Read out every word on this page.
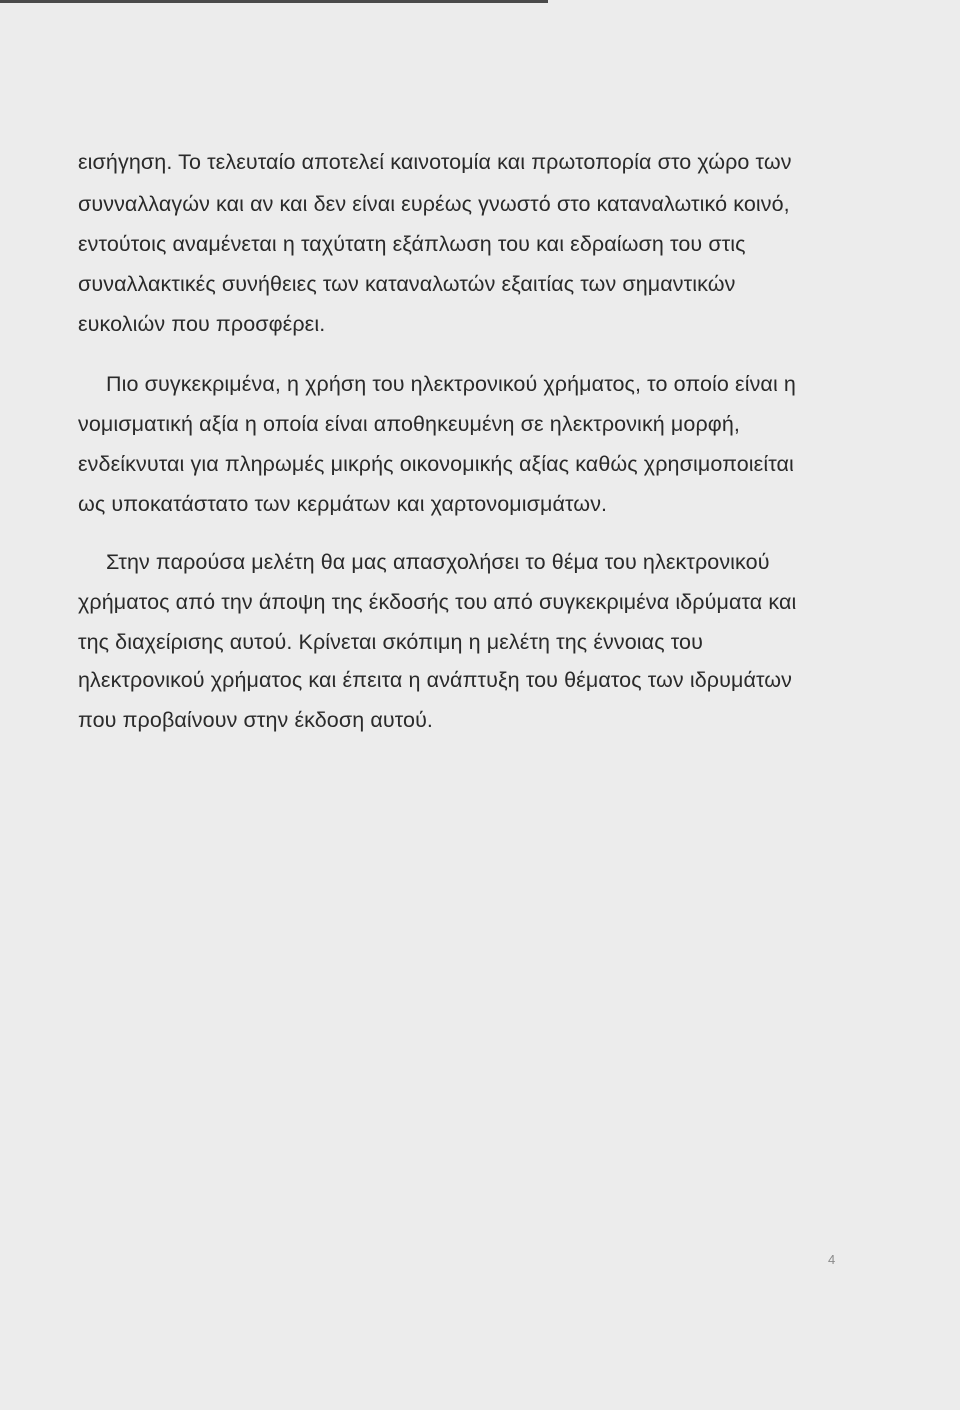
εισήγηση. Το τελευταίο αποτελεί καινοτομία και πρωτοπορία στο χώρο των
συνναλλαγών και αν και δεν είναι ευρέως γνωστό στο καταναλωτικό κοινό,
εντούτοις αναμένεται η ταχύτατη εξάπλωση του και εδραίωση του στις
συναλλακτικές συνήθειες των καταναλωτών εξαιτίας των σημαντικών
ευκολιών που προσφέρει.
Πιο συγκεκριμένα, η χρήση του ηλεκτρονικού χρήματος, το οποίο είναι η
νομισματική αξία η οποία είναι αποθηκευμένη σε ηλεκτρονική μορφή,
ενδείκνυται για πληρωμές μικρής οικονομικής αξίας καθώς χρησιμοποιείται
ως υποκατάστατο των κερμάτων και χαρτονομισμάτων.
Στην παρούσα μελέτη θα μας απασχολήσει το θέμα του ηλεκτρονικού
χρήματος από την άποψη της έκδοσής του από συγκεκριμένα ιδρύματα και
της διαχείρισης αυτού. Κρίνεται σκόπιμη η μελέτη της έννοιας του
ηλεκτρονικού χρήματος και έπειτα η ανάπτυξη του θέματος των ιδρυμάτων
που προβαίνουν στην έκδοση αυτού.
4
